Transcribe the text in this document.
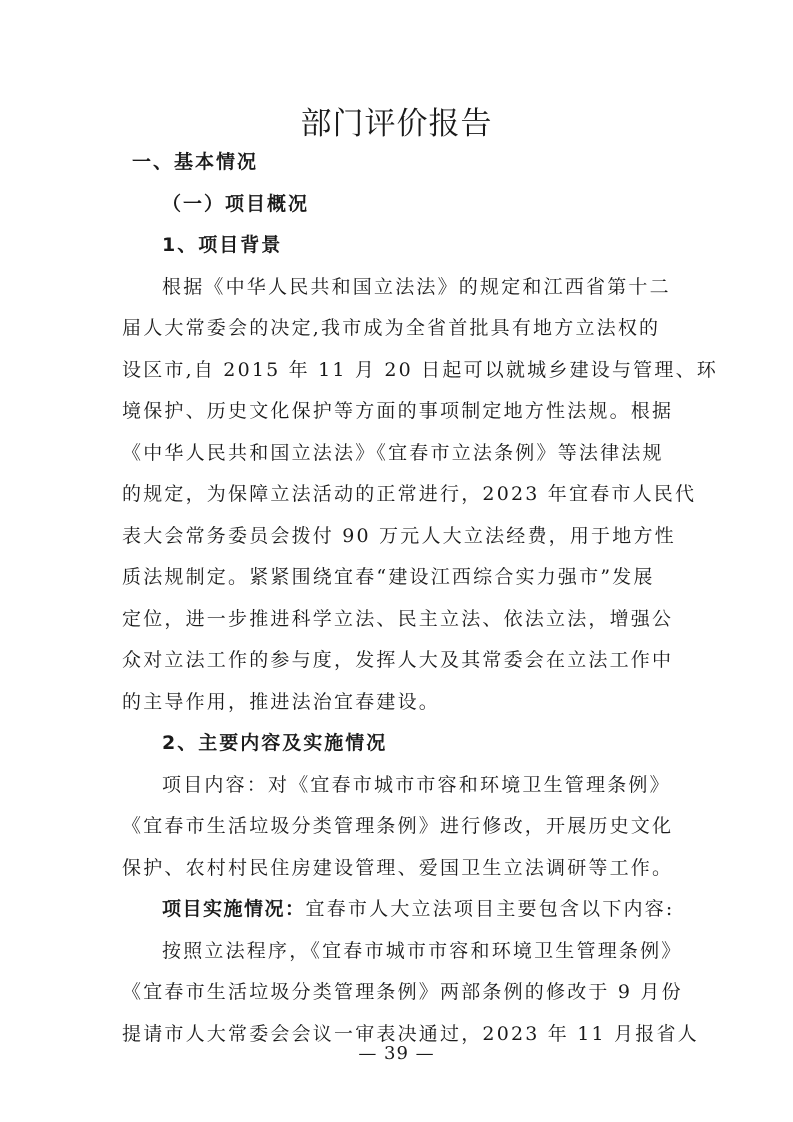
部门评价报告
一、基本情况
（一）项目概况
1、项目背景
根据《中华人民共和国立法法》的规定和江西省第十二
届人大常委会的决定,我市成为全省首批具有地方立法权的
设区市,自 2015 年 11 月 20 日起可以就城乡建设与管理、环
境保护、历史文化保护等方面的事项制定地方性法规。根据
《中华人民共和国立法法》《宜春市立法条例》等法律法规
的规定，为保障立法活动的正常进行，2023 年宜春市人民代
表大会常务委员会拨付 90 万元人大立法经费，用于地方性
质法规制定。紧紧围绕宜春“建设江西综合实力强市”发展
定位，进一步推进科学立法、民主立法、依法立法，增强公
众对立法工作的参与度，发挥人大及其常委会在立法工作中
的主导作用，推进法治宜春建设。
2、主要内容及实施情况
项目内容：对《宜春市城市市容和环境卫生管理条例》
《宜春市生活垃圾分类管理条例》进行修改，开展历史文化
保护、农村村民住房建设管理、爱国卫生立法调研等工作。
项目实施情况：宜春市人大立法项目主要包含以下内容:
按照立法程序，《宜春市城市市容和环境卫生管理条例》
《宜春市生活垃圾分类管理条例》两部条例的修改于 9 月份
提请市人大常委会会议一审表决通过，2023 年 11 月报省人
— 39 —
